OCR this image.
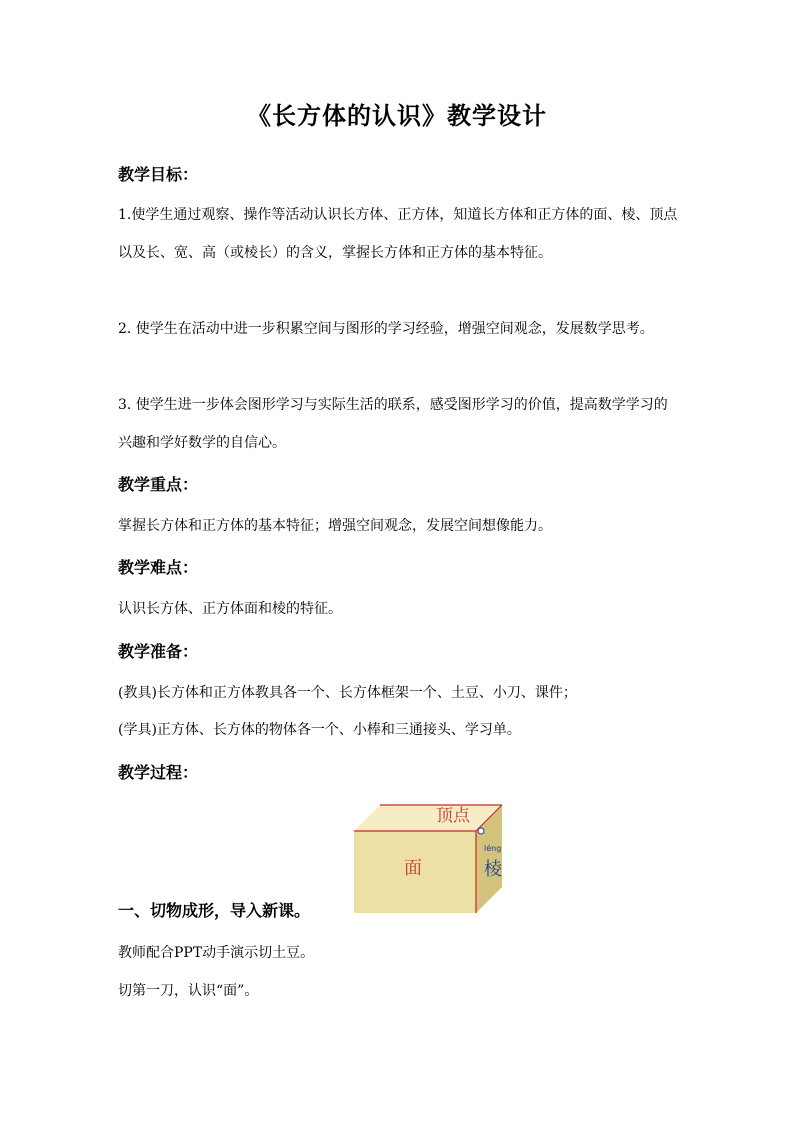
《长方体的认识》教学设计
教学目标：
1.使学生通过观察、操作等活动认识长方体、正方体，知道长方体和正方体的面、棱、顶点以及长、宽、高（或棱长）的含义，掌握长方体和正方体的基本特征。
2. 使学生在活动中进一步积累空间与图形的学习经验，增强空间观念，发展数学思考。
3. 使学生进一步体会图形学习与实际生活的联系，感受图形学习的价值，提高数学学习的兴趣和学好数学的自信心。
教学重点：
掌握长方体和正方体的基本特征；增强空间观念，发展空间想像能力。
教学难点：
认识长方体、正方体面和棱的特征。
教学准备：
(教具)长方体和正方体教具各一个、长方体框架一个、土豆、小刀、课件；
(学具)正方体、长方体的物体各一个、小棒和三通接头、学习单。
教学过程：
顶点
面
léng
棱
一、切物成形，导入新课。
教师配合PPT动手演示切土豆。
切第一刀，认识“面”。
